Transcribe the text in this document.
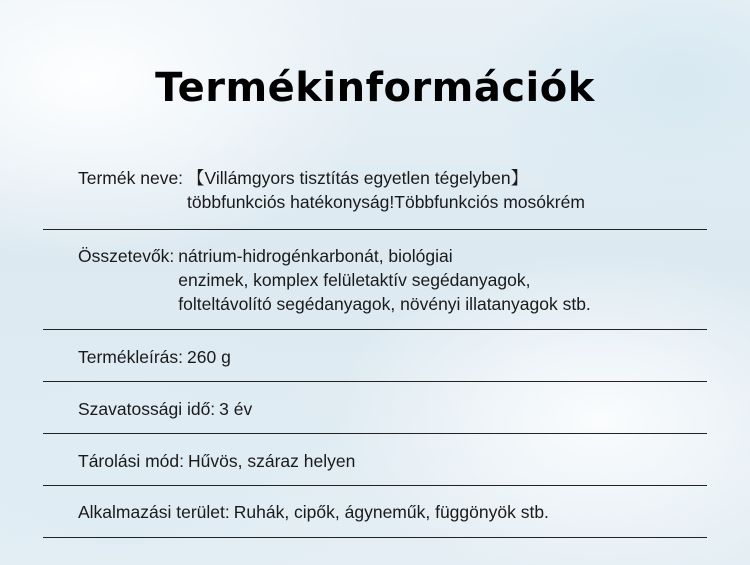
Termékinformációk
Termék neve: 【Villámgyors tisztítás egyetlen tégelyben】
többfunkciós hatékonyság!Többfunkciós mosókrém
Összetevők: nátrium-hidrogénkarbonát, biológiai
enzimek, komplex felületaktív segédanyagok,
folteltávolító segédanyagok, növényi illatanyagok stb.
Termékleírás: 260 g
Szavatossági idő: 3 év
Tárolási mód: Hűvös, száraz helyen
Alkalmazási terület: Ruhák, cipők, ágyneműk, függönyök stb.
